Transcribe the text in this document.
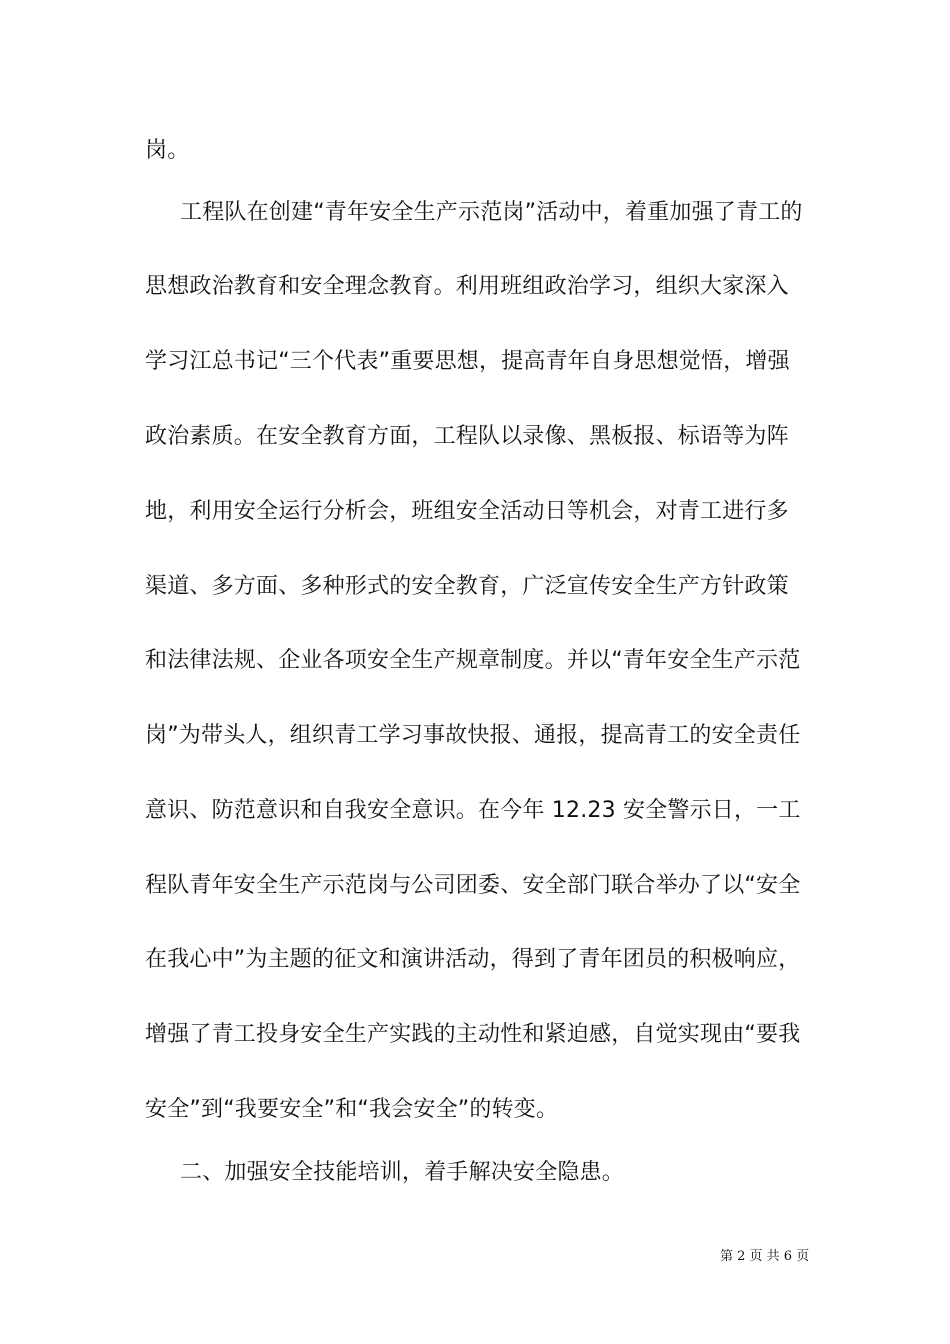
岗。
工程队在创建“青年安全生产示范岗”活动中，着重加强了青工的
思想政治教育和安全理念教育。利用班组政治学习，组织大家深入
学习江总书记“三个代表”重要思想，提高青年自身思想觉悟，增强
政治素质。在安全教育方面，工程队以录像、黑板报、标语等为阵
地，利用安全运行分析会，班组安全活动日等机会，对青工进行多
渠道、多方面、多种形式的安全教育，广泛宣传安全生产方针政策
和法律法规、企业各项安全生产规章制度。并以“青年安全生产示范
岗”为带头人，组织青工学习事故快报、通报，提高青工的安全责任
意识、防范意识和自我安全意识。在今年 12.23 安全警示日，一工
程队青年安全生产示范岗与公司团委、安全部门联合举办了以“安全
在我心中”为主题的征文和演讲活动，得到了青年团员的积极响应，
增强了青工投身安全生产实践的主动性和紧迫感，自觉实现由“要我
安全”到“我要安全”和“我会安全”的转变。
二、加强安全技能培训，着手解决安全隐患。
第 2 页 共 6 页
